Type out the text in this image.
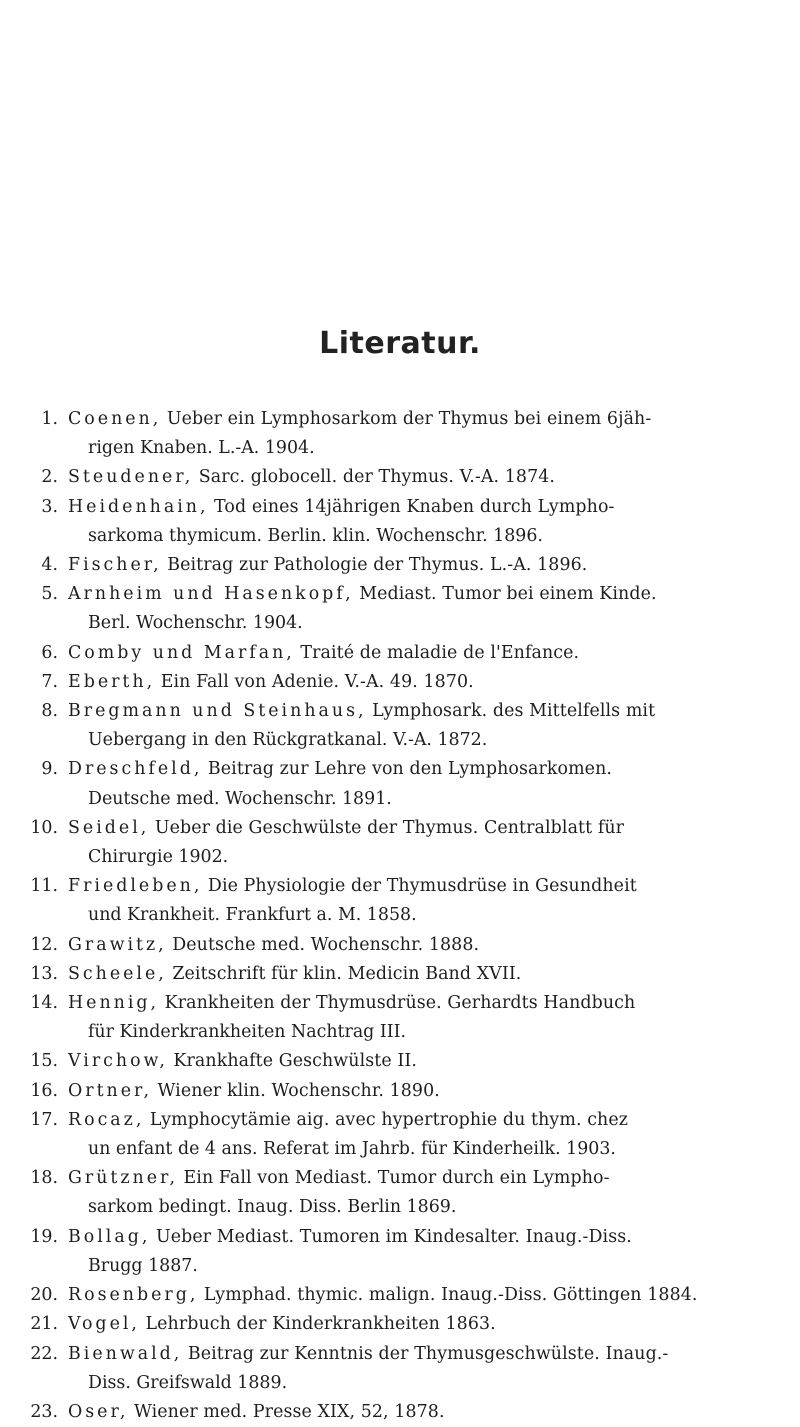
Literatur.
1. Coenen, Ueber ein Lymphosarkom der Thymus bei einem 6jäh-
rigen Knaben. L.-A. 1904.
2. Steudener, Sarc. globocell. der Thymus. V.-A. 1874.
3. Heidenhain, Tod eines 14jährigen Knaben durch Lympho-
sarkoma thymicum. Berlin. klin. Wochenschr. 1896.
4. Fischer, Beitrag zur Pathologie der Thymus. L.-A. 1896.
5. Arnheim und Hasenkopf, Mediast. Tumor bei einem Kinde.
Berl. Wochenschr. 1904.
6. Comby und Marfan, Traité de maladie de l'Enfance.
7. Eberth, Ein Fall von Adenie. V.-A. 49. 1870.
8. Bregmann und Steinhaus, Lymphosark. des Mittelfells mit
Uebergang in den Rückgratkanal. V.-A. 1872.
9. Dreschfeld, Beitrag zur Lehre von den Lymphosarkomen.
Deutsche med. Wochenschr. 1891.
10. Seidel, Ueber die Geschwülste der Thymus. Centralblatt für
Chirurgie 1902.
11. Friedleben, Die Physiologie der Thymusdrüse in Gesundheit
und Krankheit. Frankfurt a. M. 1858.
12. Grawitz, Deutsche med. Wochenschr. 1888.
13. Scheele, Zeitschrift für klin. Medicin Band XVII.
14. Hennig, Krankheiten der Thymusdrüse. Gerhardts Handbuch
für Kinderkrankheiten Nachtrag III.
15. Virchow, Krankhafte Geschwülste II.
16. Ortner, Wiener klin. Wochenschr. 1890.
17. Rocaz, Lymphocytämie aig. avec hypertrophie du thym. chez
un enfant de 4 ans. Referat im Jahrb. für Kinderheilk. 1903.
18. Grützner, Ein Fall von Mediast. Tumor durch ein Lympho-
sarkom bedingt. Inaug. Diss. Berlin 1869.
19. Bollag, Ueber Mediast. Tumoren im Kindesalter. Inaug.-Diss.
Brugg 1887.
20. Rosenberg, Lymphad. thymic. malign. Inaug.-Diss. Göttingen 1884.
21. Vogel, Lehrbuch der Kinderkrankheiten 1863.
22. Bienwald, Beitrag zur Kenntnis der Thymusgeschwülste. Inaug.-
Diss. Greifswald 1889.
23. Oser, Wiener med. Presse XIX, 52, 1878.
